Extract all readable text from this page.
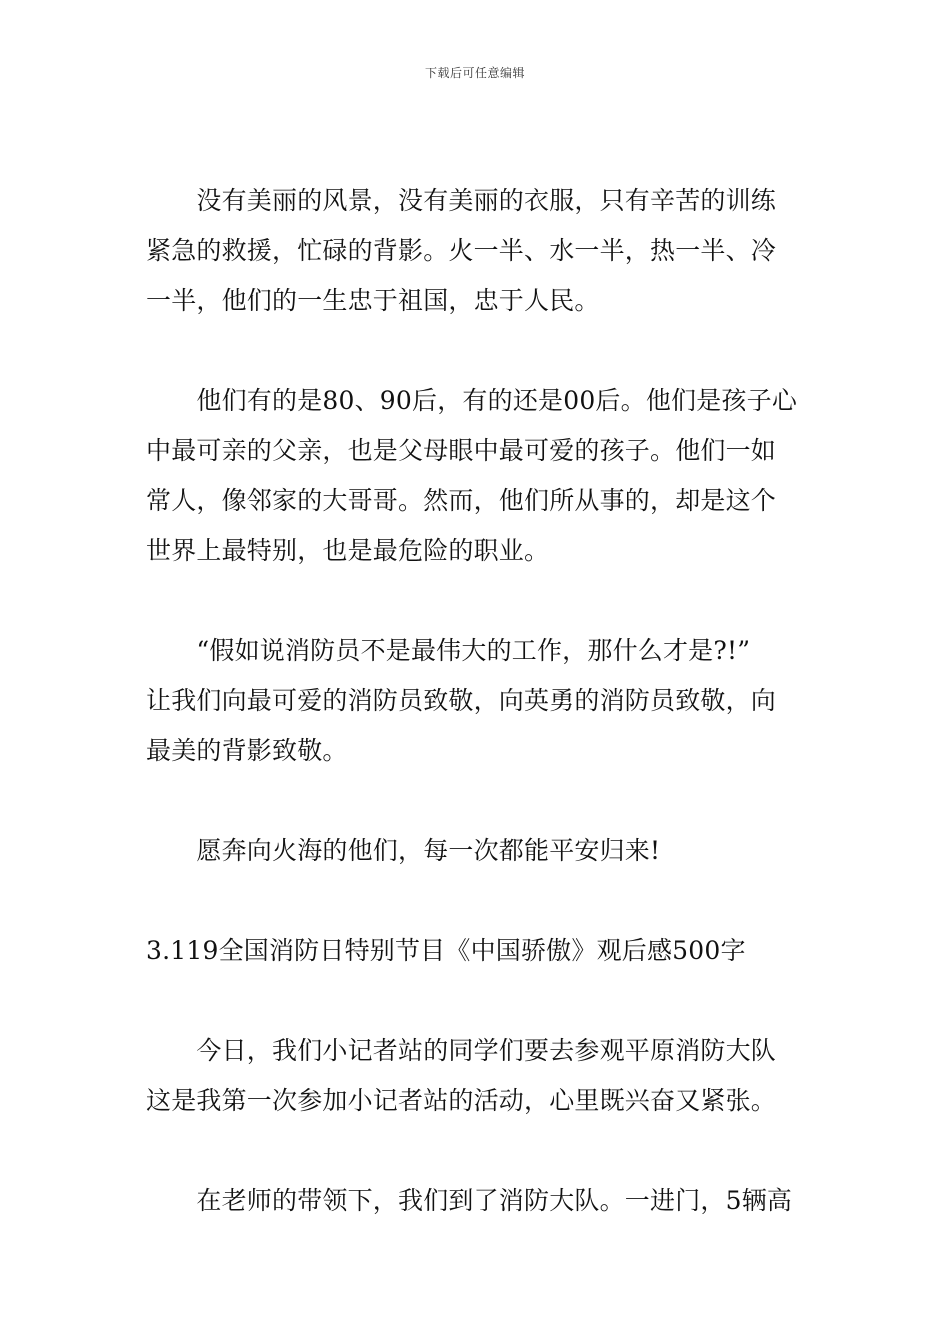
下载后可任意编辑
　　没有美丽的风景，没有美丽的衣服，只有辛苦的训练
紧急的救援，忙碌的背影。火一半、水一半，热一半、冷
一半，他们的一生忠于祖国，忠于人民。
　　他们有的是80、90后，有的还是00后。他们是孩子心
中最可亲的父亲，也是父母眼中最可爱的孩子。他们一如
常人，像邻家的大哥哥。然而，他们所从事的，却是这个
世界上最特别，也是最危险的职业。
　　“假如说消防员不是最伟大的工作，那什么才是?!”
让我们向最可爱的消防员致敬，向英勇的消防员致敬，向
最美的背影致敬。
　　愿奔向火海的他们，每一次都能平安归来!
3.119全国消防日特别节目《中国骄傲》观后感500字
　　今日，我们小记者站的同学们要去参观平原消防大队
这是我第一次参加小记者站的活动，心里既兴奋又紧张。
　　在老师的带领下，我们到了消防大队。一进门，5辆高
